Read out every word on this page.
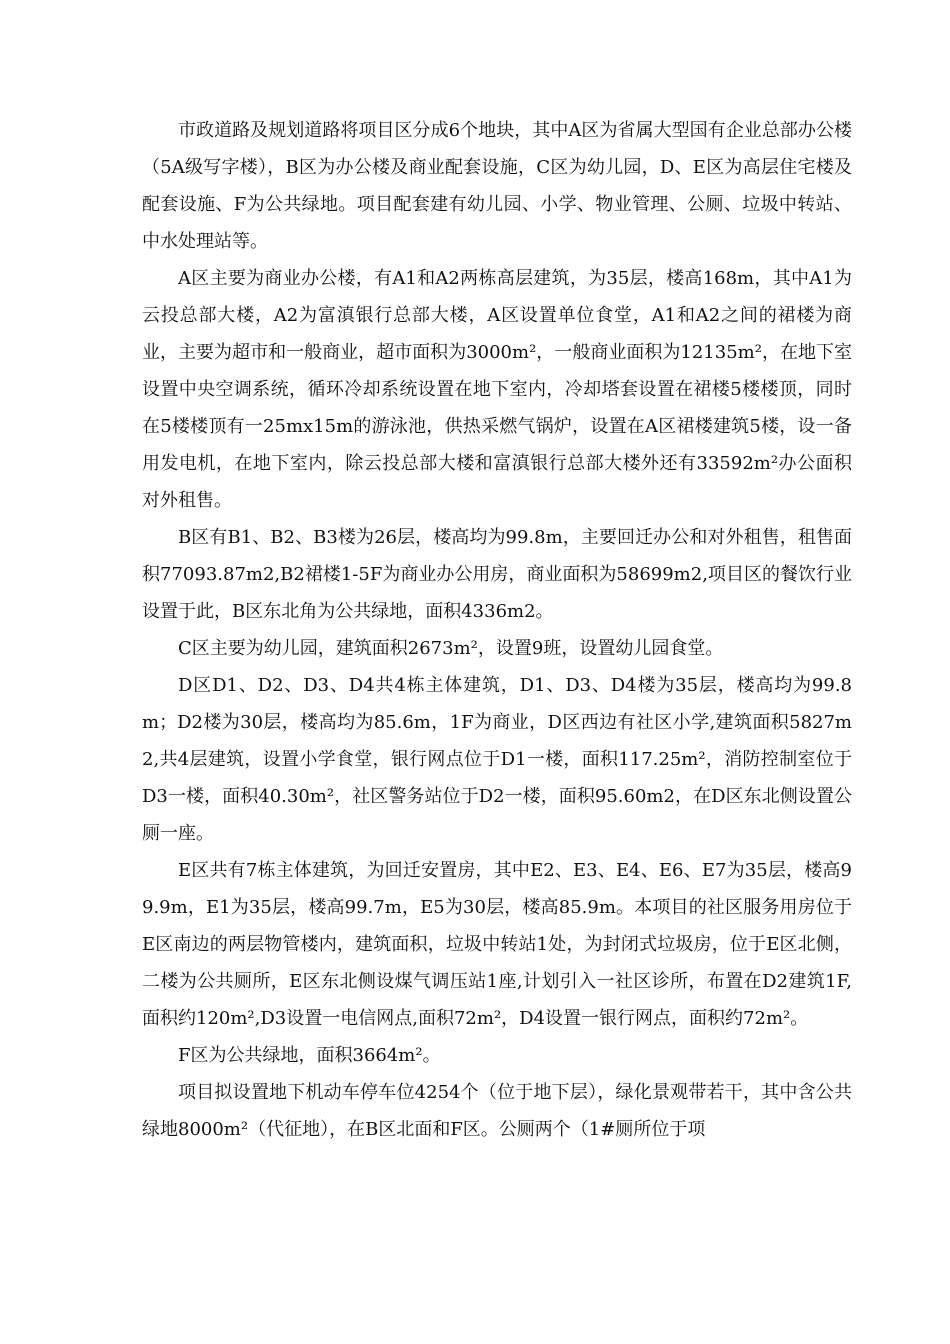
市政道路及规划道路将项目区分成6个地块，其中A区为省属大型国有企业总部办公楼（5A级写字楼），B区为办公楼及商业配套设施，C区为幼儿园，D、E区为高层住宅楼及配套设施、F为公共绿地。项目配套建有幼儿园、小学、物业管理、公厕、垃圾中转站、中水处理站等。

A区主要为商业办公楼，有A1和A2两栋高层建筑，为35层，楼高168m，其中A1为云投总部大楼，A2为富滇银行总部大楼，A区设置单位食堂，A1和A2之间的裙楼为商业，主要为超市和一般商业，超市面积为3000m²，一般商业面积为12135m²，在地下室设置中央空调系统，循环冷却系统设置在地下室内，冷却塔套设置在裙楼5楼楼顶，同时在5楼楼顶有一25mx15m的游泳池，供热采燃气锅炉，设置在A区裙楼建筑5楼，设一备用发电机，在地下室内，除云投总部大楼和富滇银行总部大楼外还有33592m²办公面积对外租售。

B区有B1、B2、B3楼为26层，楼高均为99.8m，主要回迁办公和对外租售，租售面积77093.87m2,B2裙楼1-5F为商业办公用房，商业面积为58699m2,项目区的餐饮行业设置于此，B区东北角为公共绿地，面积4336m2。

C区主要为幼儿园，建筑面积2673m²，设置9班，设置幼儿园食堂。

D区D1、D2、D3、D4共4栋主体建筑，D1、D3、D4楼为35层，楼高均为99.8m；D2楼为30层，楼高均为85.6m，1F为商业，D区西边有社区小学,建筑面积5827m2,共4层建筑，设置小学食堂，银行网点位于D1一楼，面积117.25m²，消防控制室位于D3一楼，面积40.30m²，社区警务站位于D2一楼，面积95.60m2，在D区东北侧设置公厕一座。

E区共有7栋主体建筑，为回迁安置房，其中E2、E3、E4、E6、E7为35层，楼高99.9m，E1为35层，楼高99.7m，E5为30层，楼高85.9m。本项目的社区服务用房位于E区南边的两层物管楼内，建筑面积，垃圾中转站1处，为封闭式垃圾房，位于E区北侧，二楼为公共厕所，E区东北侧设煤气调压站1座,计划引入一社区诊所，布置在D2建筑1F,面积约120m²,D3设置一电信网点,面积72m²，D4设置一银行网点，面积约72m²。

F区为公共绿地，面积3664m²。

项目拟设置地下机动车停车位4254个（位于地下层），绿化景观带若干，其中含公共绿地8000m²（代征地），在B区北面和F区。公厕两个（1#厕所位于项
